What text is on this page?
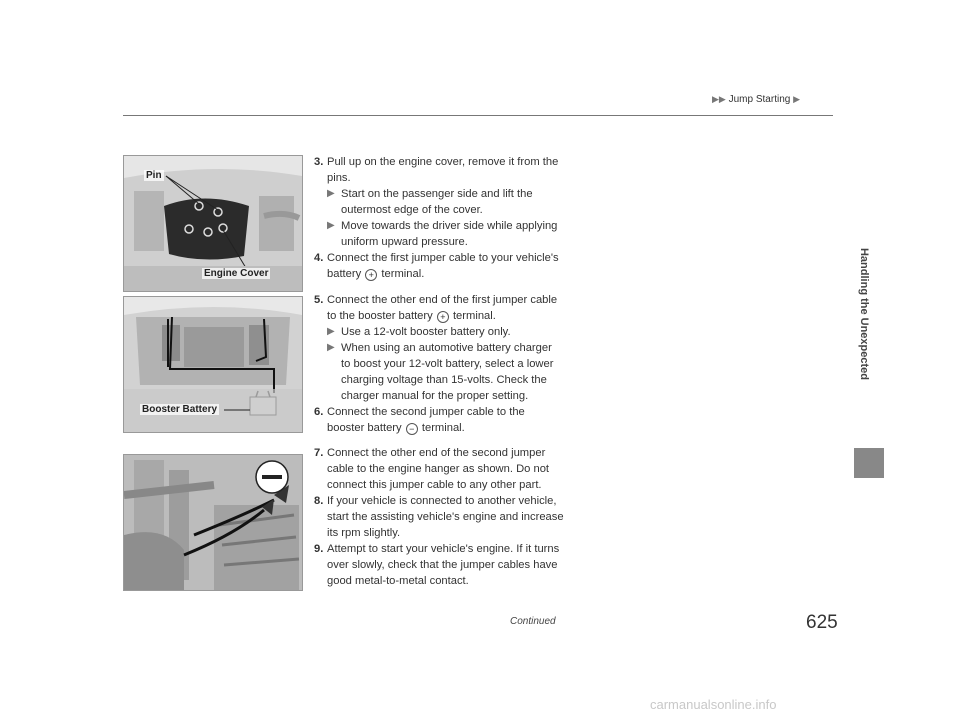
▶▶ Jump Starting ▶
Handling the Unexpected
Pin
Engine Cover
Booster Battery

3. Pull up on the engine cover, remove it from the pins.

▶ Start on the passenger side and lift the outermost edge of the cover.

▶ Move towards the driver side while applying uniform upward pressure.

4. Connect the first jumper cable to your vehicle's battery + terminal.

5. Connect the other end of the first jumper cable to the booster battery + terminal.

▶ Use a 12-volt booster battery only.

▶ When using an automotive battery charger to boost your 12-volt battery, select a lower charging voltage than 15-volts. Check the charger manual for the proper setting.

6. Connect the second jumper cable to the booster battery − terminal.

7. Connect the other end of the second jumper cable to the engine hanger as shown. Do not connect this jumper cable to any other part.

8. If your vehicle is connected to another vehicle, start the assisting vehicle's engine and increase its rpm slightly.

9. Attempt to start your vehicle's engine. If it turns over slowly, check that the jumper cables have good metal-to-metal contact.

Continued	625
carmanualsonline.info
